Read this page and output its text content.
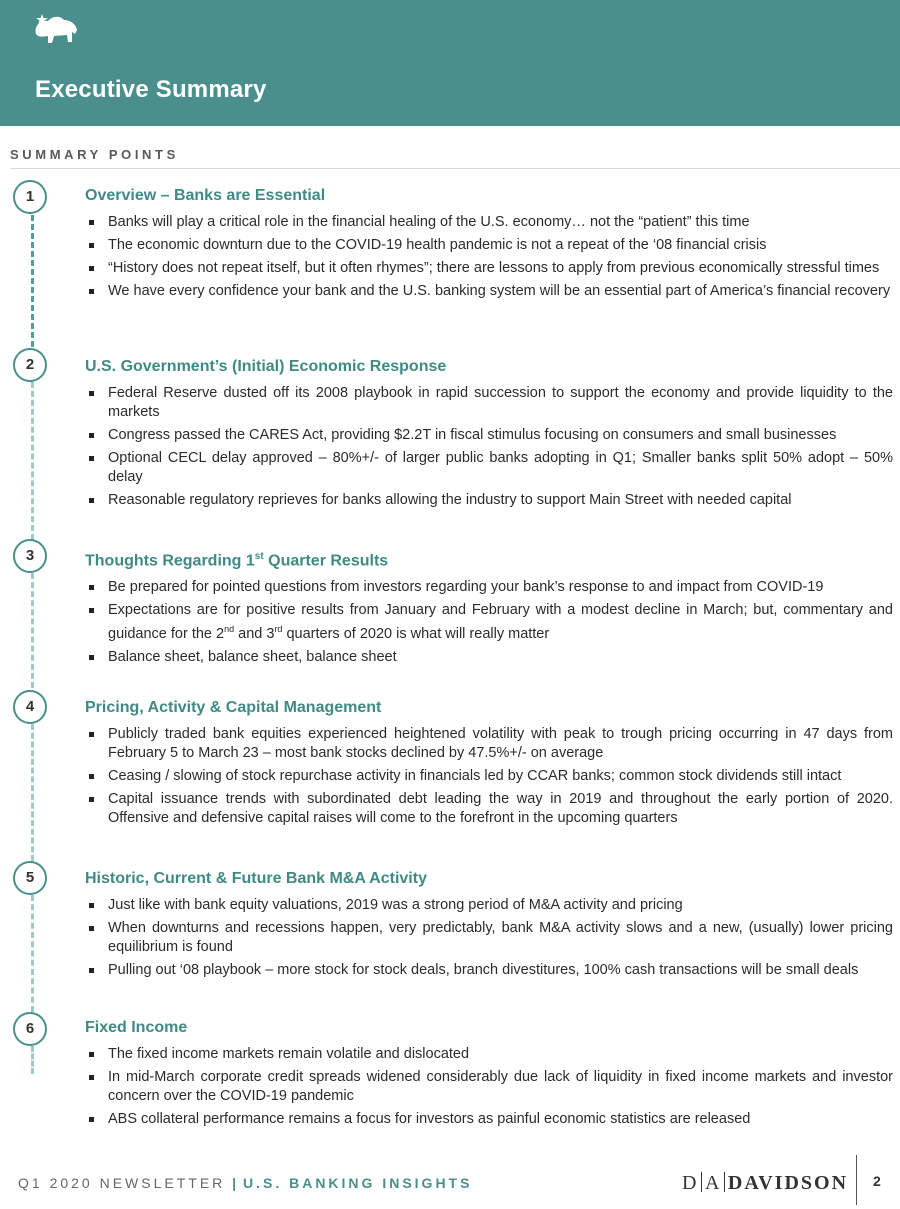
Executive Summary
SUMMARY POINTS
1
2
3
4
5
6
Overview – Banks are Essential
Banks will play a critical role in the financial healing of the U.S. economy… not the “patient” this time
The economic downturn due to the COVID-19 health pandemic is not a repeat of the ‘08 financial crisis
“History does not repeat itself, but it often rhymes”; there are lessons to apply from previous economically stressful times
We have every confidence your bank and the U.S. banking system will be an essential part of America’s financial recovery
U.S. Government’s (Initial) Economic Response
Federal Reserve dusted off its 2008 playbook in rapid succession to support the economy and provide liquidity to the markets
Congress passed the CARES Act, providing $2.2T in fiscal stimulus focusing on consumers and small businesses
Optional CECL delay approved – 80%+/- of larger public banks adopting in Q1; Smaller banks split 50% adopt – 50% delay
Reasonable regulatory reprieves for banks allowing the industry to support Main Street with needed capital
Thoughts Regarding 1st Quarter Results
Be prepared for pointed questions from investors regarding your bank’s response to and impact from COVID-19
Expectations are for positive results from January and February with a modest decline in March; but, commentary and guidance for the 2nd and 3rd quarters of 2020 is what will really matter
Balance sheet, balance sheet, balance sheet
Pricing, Activity & Capital Management
Publicly traded bank equities experienced heightened volatility with peak to trough pricing occurring in 47 days from February 5 to March 23 – most bank stocks declined by 47.5%+/- on average
Ceasing / slowing of stock repurchase activity in financials led by CCAR banks; common stock dividends still intact
Capital issuance trends with subordinated debt leading the way in 2019 and throughout the early portion of 2020. Offensive and defensive capital raises will come to the forefront in the upcoming quarters
Historic, Current & Future Bank M&A Activity
Just like with bank equity valuations, 2019 was a strong period of M&A activity and pricing
When downturns and recessions happen, very predictably, bank M&A activity slows and a new, (usually) lower pricing equilibrium is found
Pulling out ‘08 playbook – more stock for stock deals, branch divestitures, 100% cash transactions will be small deals
Fixed Income
The fixed income markets remain volatile and dislocated
In mid-March corporate credit spreads widened considerably due lack of liquidity in fixed income markets and investor concern over the COVID-19 pandemic
ABS collateral performance remains a focus for investors as painful economic statistics are released
Q1 2020 NEWSLETTER | U.S. BANKING INSIGHTS	D A DAVIDSON 2
